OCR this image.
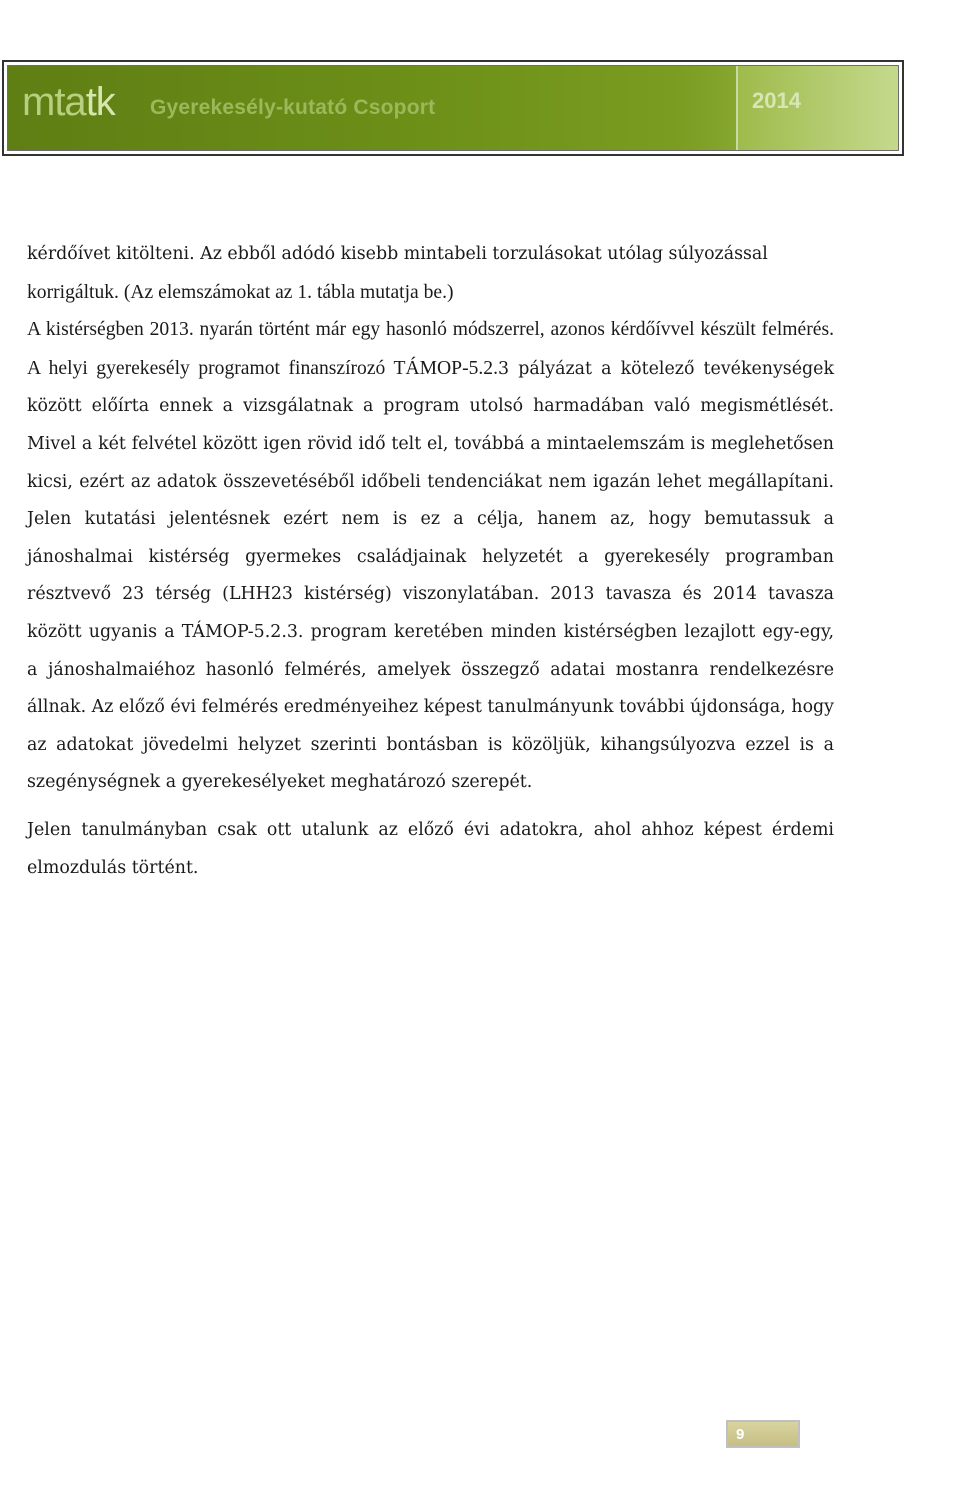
mtatk Gyerekesély-kutató Csoport	2014

kérdőívet kitölteni. Az ebből adódó kisebb mintabeli torzulásokat utólag súlyozással

korrigáltuk. (Az elemszámokat az 1. tábla mutatja be.)

A kistérségben 2013. nyarán történt már egy hasonló módszerrel, azonos kérdőívvel készült felmérés. A helyi gyerekesély programot finanszírozó TÁMOP-5.2.3 pályázat a kötelező tevékenységek között előírta ennek a vizsgálatnak a program utolsó harmadában való megismétlését. Mivel a két felvétel között igen rövid idő telt el, továbbá a mintaelemszám is meglehetősen kicsi, ezért az adatok összevetéséből időbeli tendenciákat nem igazán lehet megállapítani. Jelen kutatási jelentésnek ezért nem is ez a célja, hanem az, hogy bemutassuk a jánoshalmai kistérség gyermekes családjainak helyzetét a gyerekesély programban résztvevő 23 térség (LHH23 kistérség) viszonylatában. 2013 tavasza és 2014 tavasza között ugyanis a TÁMOP-5.2.3. program keretében minden kistérségben lezajlott egy-egy, a jánoshalmaiéhoz hasonló felmérés, amelyek összegző adatai mostanra rendelkezésre állnak. Az előző évi felmérés eredményeihez képest tanulmányunk további újdonsága, hogy az adatokat jövedelmi helyzet szerinti bontásban is közöljük, kihangsúlyozva ezzel is a szegénységnek a gyerekesélyeket meghatározó szerepét.

Jelen tanulmányban csak ott utalunk az előző évi adatokra, ahol ahhoz képest érdemi elmozdulás történt.

9
